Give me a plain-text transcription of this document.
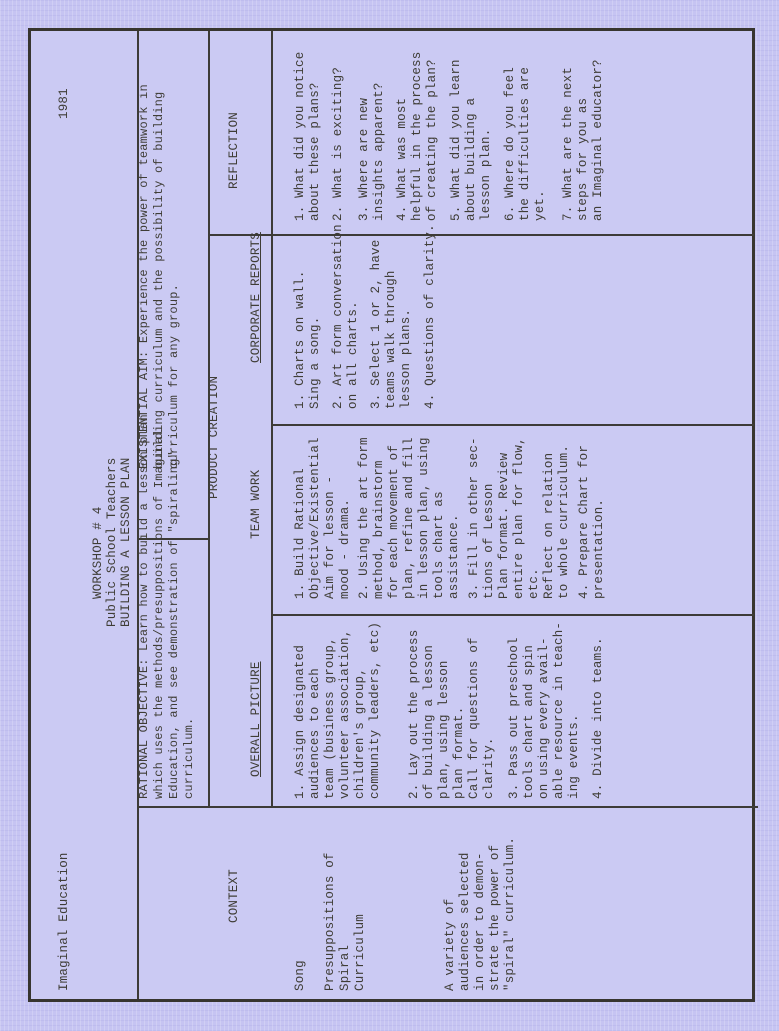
Imaginal Education
1981
WORKSHOP # 4 Public School Teachers BUILDING A LESSON PLAN
RATIONAL OBJECTIVE: Learn how to build a lesson plan
which uses the methods/presuppositions of Imaginal
Education, and see demonstration of "spiraling"
curriculum.
EXISTENTIAL AIM: Experience the power of teamwork in
building curriculum and the possibility of building
curriculum for any group.
CONTEXT
PRODUCT CREATION
REFLECTION
OVERALL PICTURE
TEAM WORK
CORPORATE REPORTS
Song Presuppositions of
Spiral
Curriculum	A variety of
audiences selected
in order to demon-
strate the power of
"spiral" curriculum.
1. Assign designated
audiences to each
team (business group,
volunteer association,
children's group,
community leaders, etc)
2. Lay out the process
of building a lesson
plan, using lesson
plan format.
Call for questions of
clarity. 3. Pass out preschool
tools chart and spin
on using every avail-
able resource in teach-
ing events. 4. Divide into teams.
1. Build Rational
Objective/Existential
Aim for lesson -
mood - drama.
2. Using the art form
method, brainstorm
for each movement of
plan, refine and fill
in lesson plan, using
tools chart as
assistance. 3. Fill in other sec-
tions of Lesson
Plan format. Review
entire plan for flow,
etc.
Reflect on relation
to whole curriculum.
4. Prepare Chart for
presentation.
1. Charts on wall.
Sing a song.
2. Art form conversation
on all charts.
3. Select 1 or 2, have
teams walk through
lesson plans. 4. Questions of clarity.
1. What did you notice
about these plans? 2. What is exciting? 3. Where are new
insights apparent?
4. What was most
helpful in the process
of creating the plan?
5. What did you learn
about building a
lesson plan.
6. Where do you feel
the difficulties are
yet. 7. What are the next
steps for you as
an Imaginal educator?
